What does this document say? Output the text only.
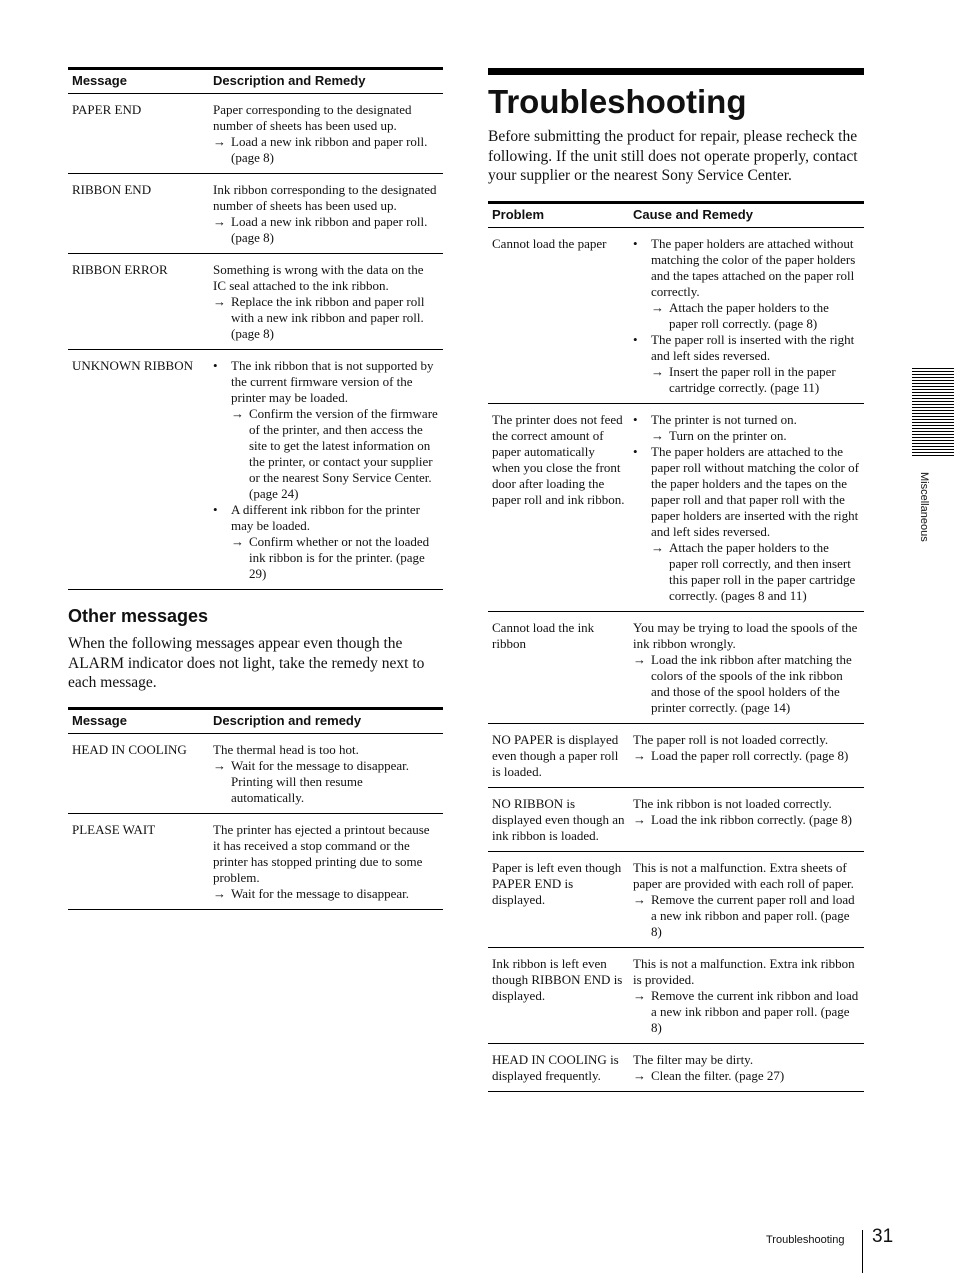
Message	Description and Remedy
PAPER END	Paper corresponding to the designated number of sheets has been used up.
→ Load a new ink ribbon and paper roll. (page 8)

RIBBON END	Ink ribbon corresponding to the designated number of sheets has been used up.
→ Load a new ink ribbon and paper roll. (page 8)

RIBBON ERROR	Something is wrong with the data on the IC seal attached to the ink ribbon.
→ Replace the ink ribbon and paper roll with a new ink ribbon and paper roll. (page 8)

UNKNOWN RIBBON	• The ink ribbon that is not supported by the current firmware version of the printer may be loaded.
→ Confirm the version of the firmware of the printer, and then access the site to get the latest information on the printer, or contact your supplier or the nearest Sony Service Center. (page 24)
• A different ink ribbon for the printer may be loaded.
→ Confirm whether or not the loaded ink ribbon is for the printer. (page 29)
Other messages
When the following messages appear even though the ALARM indicator does not light, take the remedy next to each message.
Message	Description and remedy
HEAD IN COOLING	The thermal head is too hot.
→ Wait for the message to disappear. Printing will then resume automatically.

PLEASE WAIT	The printer has ejected a printout because it has received a stop command or the printer has stopped printing due to some problem.
→ Wait for the message to disappear.
Troubleshooting
Before submitting the product for repair, please recheck the following. If the unit still does not operate properly, contact your supplier or the nearest Sony Service Center.
Problem	Cause and Remedy
Cannot load the paper	• The paper holders are attached without matching the color of the paper holders and the tapes attached on the paper roll correctly.
→ Attach the paper holders to the paper roll correctly. (page 8)
• The paper roll is inserted with the right and left sides reversed.
→ Insert the paper roll in the paper cartridge correctly. (page 11)

The printer does not feed the correct amount of paper automatically when you close the front door after loading the paper roll and ink ribbon.	• The printer is not turned on.
→ Turn on the printer on.
• The paper holders are attached to the paper roll without matching the color of the paper holders and the tapes on the paper roll and that paper roll with the paper holders are inserted with the right and left sides reversed.
→ Attach the paper holders to the paper roll correctly, and then insert this paper roll in the paper cartridge correctly. (pages 8 and 11)

Cannot load the ink ribbon	You may be trying to load the spools of the ink ribbon wrongly.
→ Load the ink ribbon after matching the colors of the spools of the ink ribbon and those of the spool holders of the printer correctly. (page 14)

NO PAPER is displayed even though a paper roll is loaded.	The paper roll is not loaded correctly.
→ Load the paper roll correctly. (page 8)

NO RIBBON is displayed even though an ink ribbon is loaded.	The ink ribbon is not loaded correctly.
→ Load the ink ribbon correctly. (page 8)

Paper is left even though PAPER END is displayed.	This is not a malfunction. Extra sheets of paper are provided with each roll of paper.
→ Remove the current paper roll and load a new ink ribbon and paper roll. (page 8)

Ink ribbon is left even though RIBBON END is displayed.	This is not a malfunction. Extra ink ribbon is provided.
→ Remove the current ink ribbon and load a new ink ribbon and paper roll. (page 8)

HEAD IN COOLING is displayed frequently.	The filter may be dirty.
→ Clean the filter. (page 27)
Miscellaneous
Troubleshooting 31
